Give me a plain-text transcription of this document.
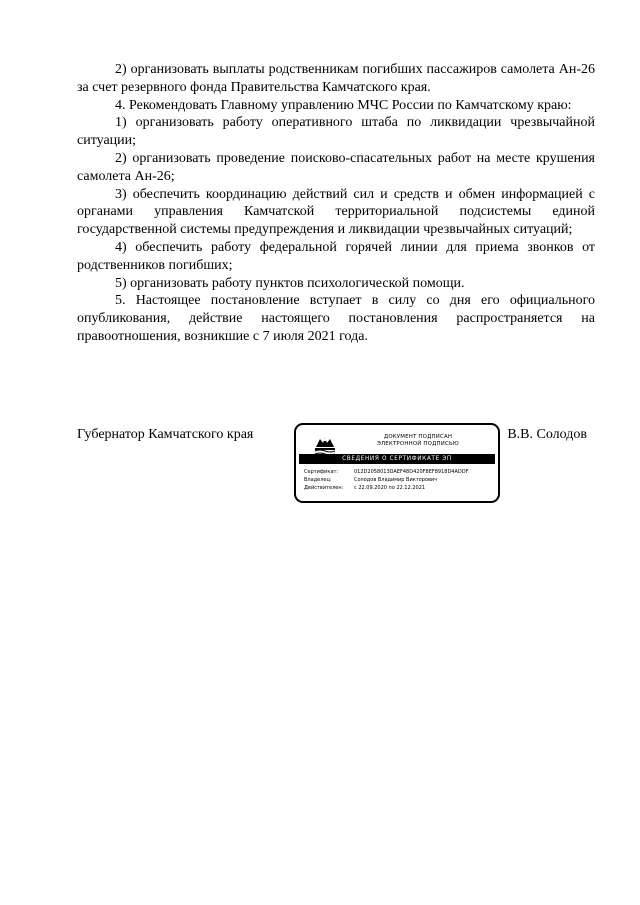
2) организовать выплаты родственникам погибших пассажиров самолета Ан-26 за счет резервного фонда Правительства Камчатского края.

4. Рекомендовать Главному управлению МЧС России по Камчатскому краю:

1) организовать работу оперативного штаба по ликвидации чрезвычайной ситуации;

2) организовать проведение поисково-спасательных работ на месте крушения самолета Ан-26;

3) обеспечить координацию действий сил и средств и обмен информацией с органами управления Камчатской территориальной подсистемы единой государственной системы предупреждения и ликвидации чрезвычайных ситуаций;

4) обеспечить работу федеральной горячей линии для приема звонков от родственников погибших;

5) организовать работу пунктов психологической помощи.

5. Настоящее постановление вступает в силу со дня его официального опубликования, действие настоящего постановления распространяется на правоотношения, возникшие с 7 июля 2021 года.

Губернатор Камчатского края	ДОКУМЕНТ ПОДПИСАН
ЭЛЕКТРОННОЙ ПОДПИСЬЮ
СВЕДЕНИЯ О СЕРТИФИКАТЕ ЭП
Сертификат:	012D2058013DAEF48D420F8EF8918D4ADDF
Владелец:	Солодов Владимир Викторович
Действителен:	с 22.09.2020 по 22.12.2021
В.В. Солодов
